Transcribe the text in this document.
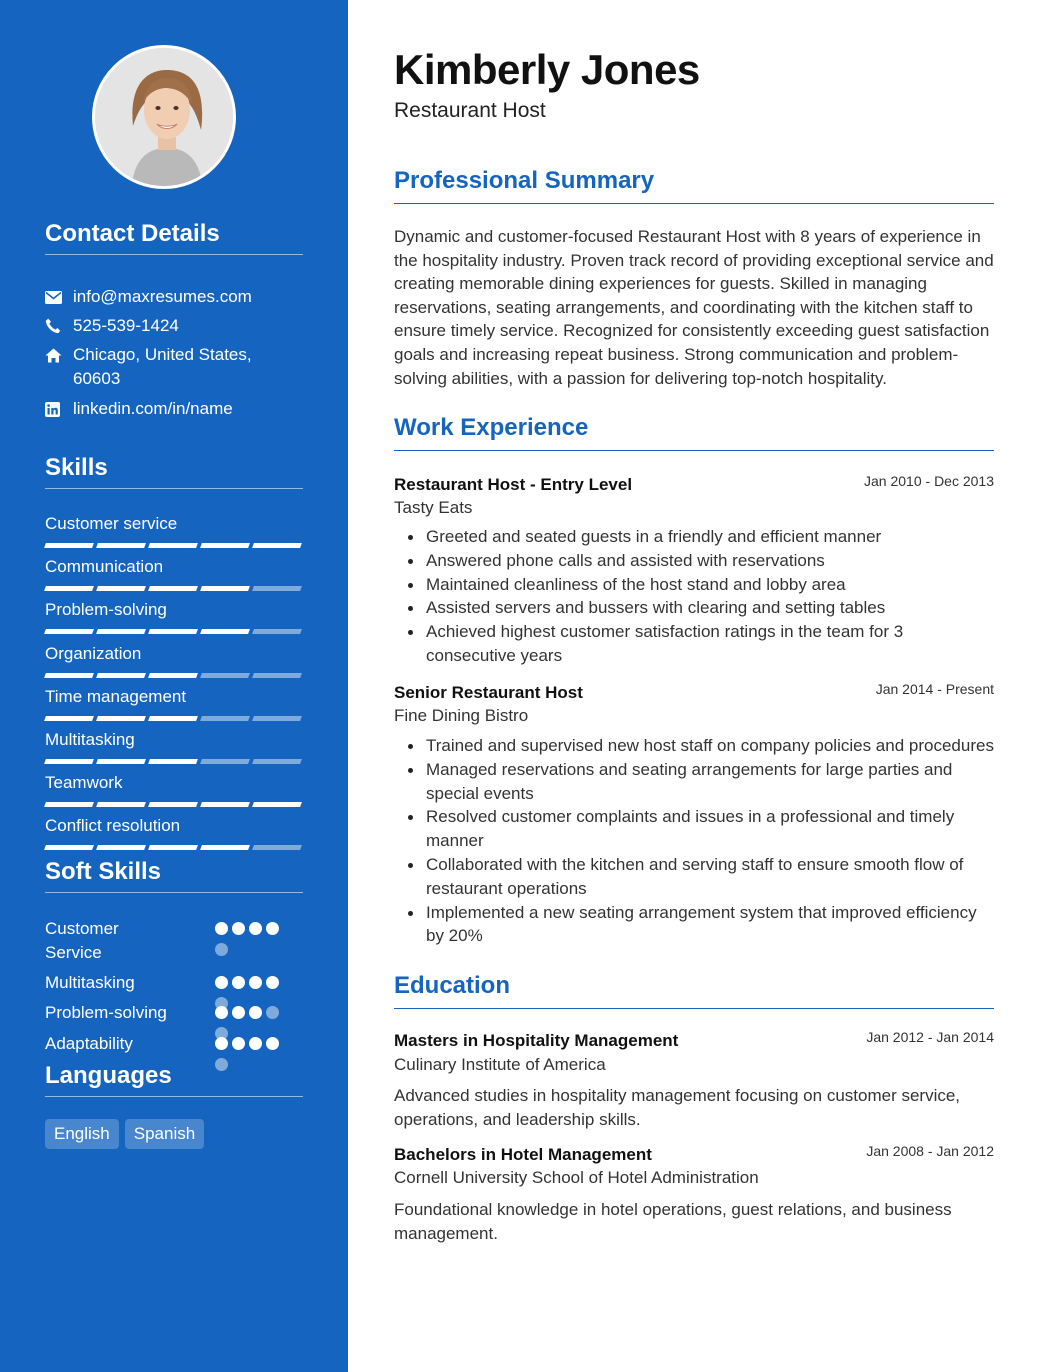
Contact Details
info@maxresumes.com
525-539-1424
Chicago, United States, 60603
linkedin.com/in/name
Skills
Customer service
Communication
Problem-solving
Organization
Time management
Multitasking
Teamwork
Conflict resolution
Soft Skills
Customer Service
Multitasking
Problem-solving
Adaptability
Languages
English	Spanish
Kimberly Jones
Restaurant Host
Professional Summary

Dynamic and customer-focused Restaurant Host with 8 years of experience in the hospitality industry. Proven track record of providing exceptional service and creating memorable dining experiences for guests. Skilled in managing reservations, seating arrangements, and coordinating with the kitchen staff to ensure timely service. Recognized for consistently exceeding guest satisfaction goals and increasing repeat business. Strong communication and problem-solving abilities, with a passion for delivering top-notch hospitality.

Work Experience
Restaurant Host - Entry Level	Jan 2010 - Dec 2013
Tasty Eats
Greeted and seated guests in a friendly and efficient manner
Answered phone calls and assisted with reservations
Maintained cleanliness of the host stand and lobby area
Assisted servers and bussers with clearing and setting tables
Achieved highest customer satisfaction ratings in the team for 3 consecutive years
Senior Restaurant Host	Jan 2014 - Present
Fine Dining Bistro
Trained and supervised new host staff on company policies and procedures
Managed reservations and seating arrangements for large parties and special events
Resolved customer complaints and issues in a professional and timely manner
Collaborated with the kitchen and serving staff to ensure smooth flow of restaurant operations
Implemented a new seating arrangement system that improved efficiency by 20%
Education
Masters in Hospitality Management	Jan 2012 - Jan 2014
Culinary Institute of America

Advanced studies in hospitality management focusing on customer service, operations, and leadership skills.

Bachelors in Hotel Management	Jan 2008 - Jan 2012
Cornell University School of Hotel Administration

Foundational knowledge in hotel operations, guest relations, and business management.
